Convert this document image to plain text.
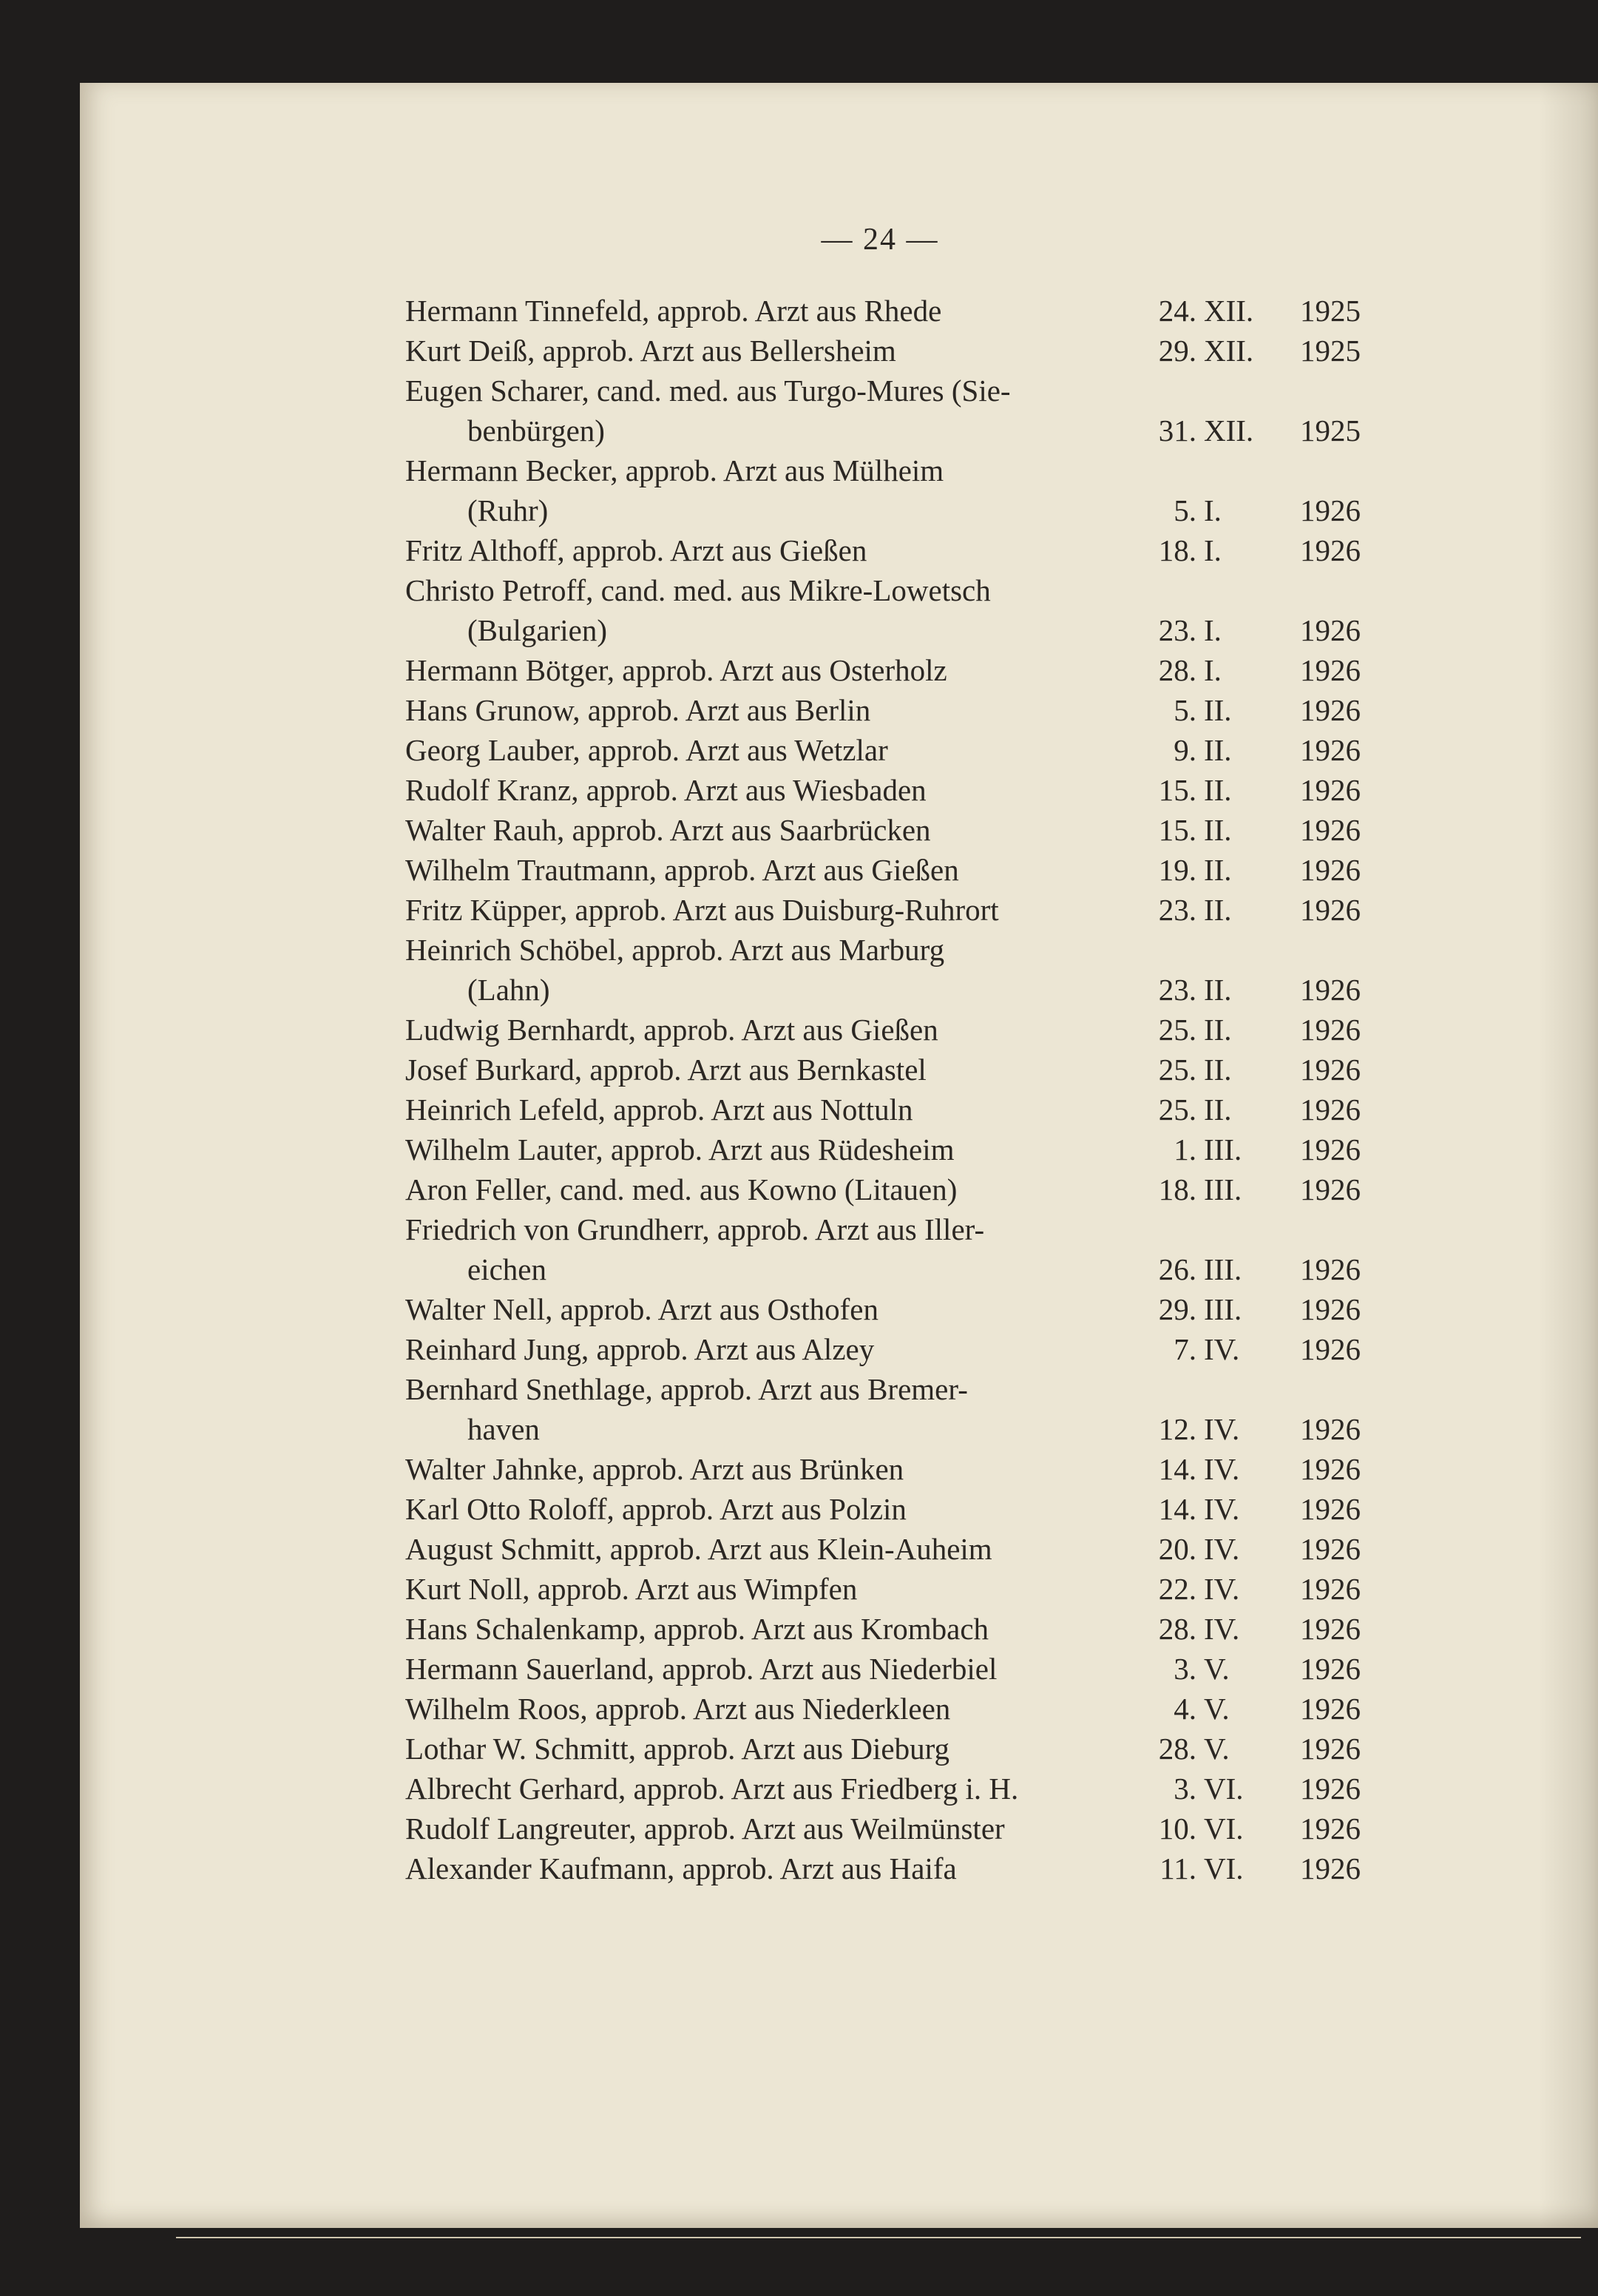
— 24 —
Hermann Tinnefeld, approb. Arzt aus Rhede	24. XII.	1925
Kurt Deiß, approb. Arzt aus Bellersheim	29. XII.	1925
Eugen Scharer, cand. med. aus Turgo-Mures (Sie-
benbürgen)	31. XII.	1925
Hermann Becker, approb. Arzt aus Mülheim
(Ruhr)	5. I.	1926
Fritz Althoff, approb. Arzt aus Gießen	18. I.	1926
Christo Petroff, cand. med. aus Mikre-Lowetsch
(Bulgarien)	23. I.	1926
Hermann Bötger, approb. Arzt aus Osterholz	28. I.	1926
Hans Grunow, approb. Arzt aus Berlin	5. II.	1926
Georg Lauber, approb. Arzt aus Wetzlar	9. II.	1926
Rudolf Kranz, approb. Arzt aus Wiesbaden	15. II.	1926
Walter Rauh, approb. Arzt aus Saarbrücken	15. II.	1926
Wilhelm Trautmann, approb. Arzt aus Gießen	19. II.	1926
Fritz Küpper, approb. Arzt aus Duisburg-Ruhrort	23. II.	1926
Heinrich Schöbel, approb. Arzt aus Marburg
(Lahn)	23. II.	1926
Ludwig Bernhardt, approb. Arzt aus Gießen	25. II.	1926
Josef Burkard, approb. Arzt aus Bernkastel	25. II.	1926
Heinrich Lefeld, approb. Arzt aus Nottuln	25. II.	1926
Wilhelm Lauter, approb. Arzt aus Rüdesheim	1. III.	1926
Aron Feller, cand. med. aus Kowno (Litauen)	18. III.	1926
Friedrich von Grundherr, approb. Arzt aus Iller-
eichen	26. III.	1926
Walter Nell, approb. Arzt aus Osthofen	29. III.	1926
Reinhard Jung, approb. Arzt aus Alzey	7. IV.	1926
Bernhard Snethlage, approb. Arzt aus Bremer-
haven	12. IV.	1926
Walter Jahnke, approb. Arzt aus Brünken	14. IV.	1926
Karl Otto Roloff, approb. Arzt aus Polzin	14. IV.	1926
August Schmitt, approb. Arzt aus Klein-Auheim	20. IV.	1926
Kurt Noll, approb. Arzt aus Wimpfen	22. IV.	1926
Hans Schalenkamp, approb. Arzt aus Krombach	28. IV.	1926
Hermann Sauerland, approb. Arzt aus Niederbiel	3. V.	1926
Wilhelm Roos, approb. Arzt aus Niederkleen	4. V.	1926
Lothar W. Schmitt, approb. Arzt aus Dieburg	28. V.	1926
Albrecht Gerhard, approb. Arzt aus Friedberg i. H.	3. VI.	1926
Rudolf Langreuter, approb. Arzt aus Weilmünster	10. VI.	1926
Alexander Kaufmann, approb. Arzt aus Haifa	11. VI.	1926
